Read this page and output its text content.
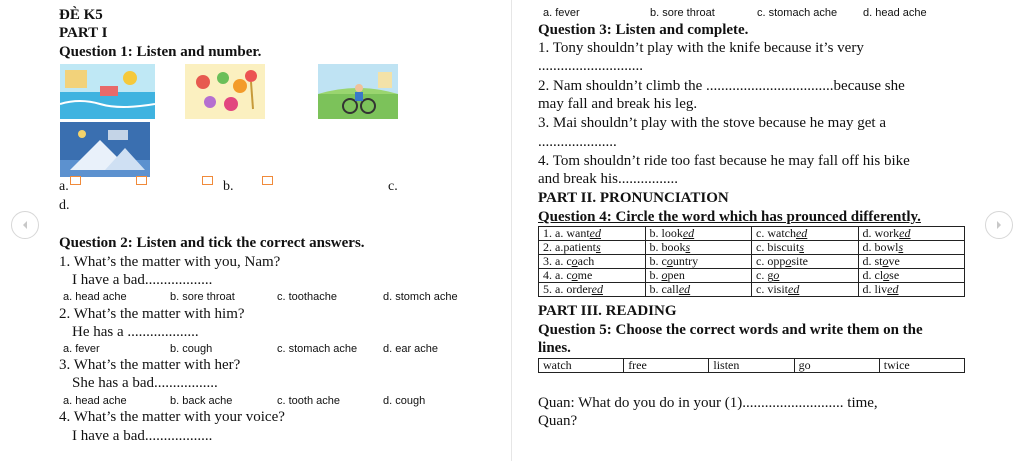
ĐÈ K5
PART I
Question 1: Listen and number.
a.	b.	c.
d.
Question 2: Listen and tick the correct answers.
1. What’s the matter with you, Nam?
I have a bad..................
a. head ache	b. sore throat	c. toothache	d. stomch ache
2. What’s the matter with him?
He has a ...................
a. fever	b. cough	c. stomach ache d. ear ache
3. What’s the matter with her?
She has a bad.................
a. head ache	b. back ache	c. tooth ache	d. cough
4. What’s the matter with your voice?
I have a bad..................
a. fever	b. sore throat	c. stomach ache d. head ache
Question 3: Listen and complete.
1. Tony shouldn’t play with the knife because it’s very
............................
2. Nam shouldn’t climb the ..................................because she
may fall and break his leg.
3. Mai shouldn’t play with the stove because he may get a
.....................
4. Tom shouldn’t ride too fast because he may fall off his bike
and break his................
PART II. PRONUNCIATION
Question 4: Circle the word which has prounced differently.
1. a. wanted	b. looked	c. watched	d. worked
2. a.patients	b. books	c. biscuits	d. bowls
3. a. coach	b. country	c. opposite	d. stove
4. a. come	b. open	c. go	d. close
5. a. ordered	b. called	c. visited	d. lived
PART III. READING
Question 5: Choose the correct words and write them on the
lines.
watch	free	listen	go	twice
Quan: What do you do in your (1)........................... time,
Quan?
